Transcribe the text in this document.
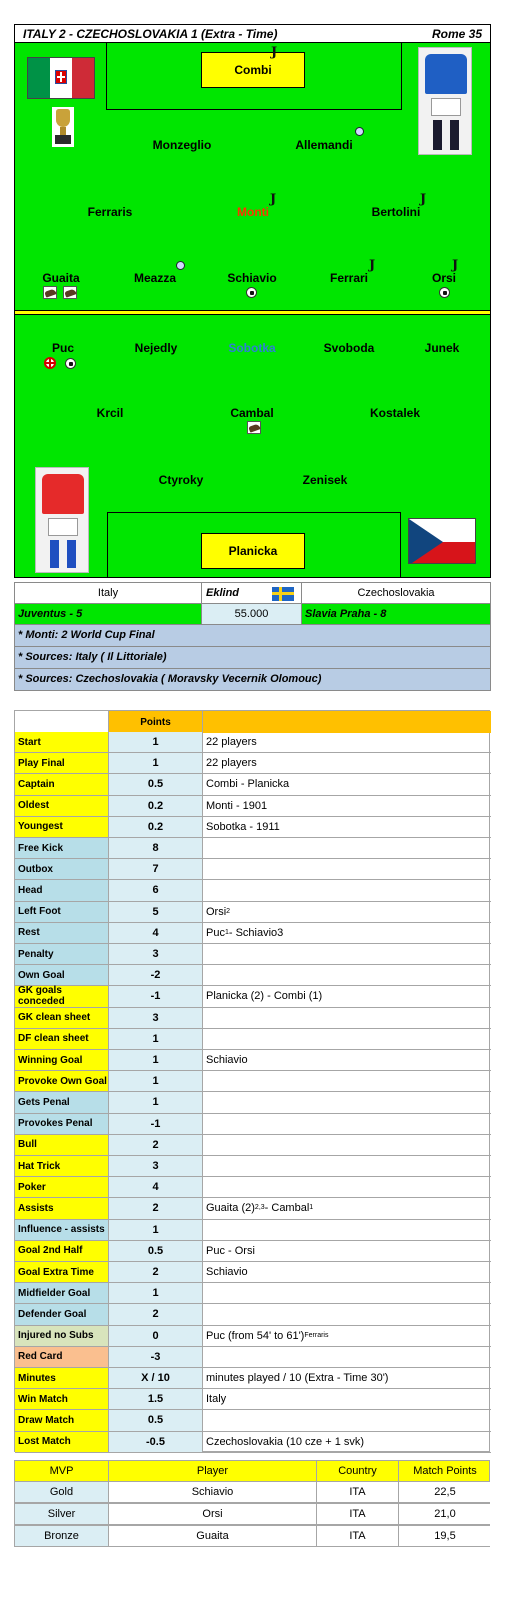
ITALY 2 - CZECHOSLOVAKIA 1 (Extra - Time)	Rome 35
Combi
J
Monzeglio	Allemandi
Ferraris	Monti
J
Bertolini
J
Guaita	Meazza	Schiavio	Ferrari
J
Orsi
J
Puc	Nejedly	Sobotka	Svoboda	Junek
Krcil	Cambal	Kostalek
Ctyroky	Zenisek
Planicka
Italy	Eklind	Czechoslovakia
Juventus - 5	55.000	Slavia Praha - 8
* Monti: 2 World Cup Final
* Sources: Italy ( Il Littoriale)
* Sources: Czechoslovakia ( Moravsky Vecernik Olomouc)
Points
Start	1	22 players
Play Final	1	22 players
Captain	0.5	Combi - Planicka
Oldest	0.2	Monti - 1901
Youngest	0.2	Sobotka - 1911
Free Kick	8
Outbox	7
Head	6
Left Foot	5	Orsi 2
Rest	4	Puc 1 - Schiavio3
Penalty	3
Own Goal	-2
GK goals conceded	-1	Planicka (2) - Combi (1)
GK clean sheet	3
DF clean sheet	1
Winning Goal	1	Schiavio
Provoke Own Goal	1
Gets Penal	1
Provokes Penal	-1
Bull	2
Hat Trick	3
Poker	4
Assists	2	Guaita (2) 2,3 - Cambal 1
Influence - assists	1
Goal 2nd Half	0.5	Puc - Orsi
Goal Extra Time	2	Schiavio
Midfielder Goal	1
Defender Goal	2
Injured no Subs	0	Puc (from 54' to 61') Ferraris
Red Card	-3
Minutes	X / 10	minutes played / 10 (Extra - Time 30')
Win Match	1.5	Italy
Draw Match	0.5
Lost Match	-0.5	Czechoslovakia (10 cze + 1 svk)
MVP	Player	Country	Match Points
Gold	Schiavio	ITA	22,5
Silver	Orsi	ITA	21,0
Bronze	Guaita	ITA	19,5
